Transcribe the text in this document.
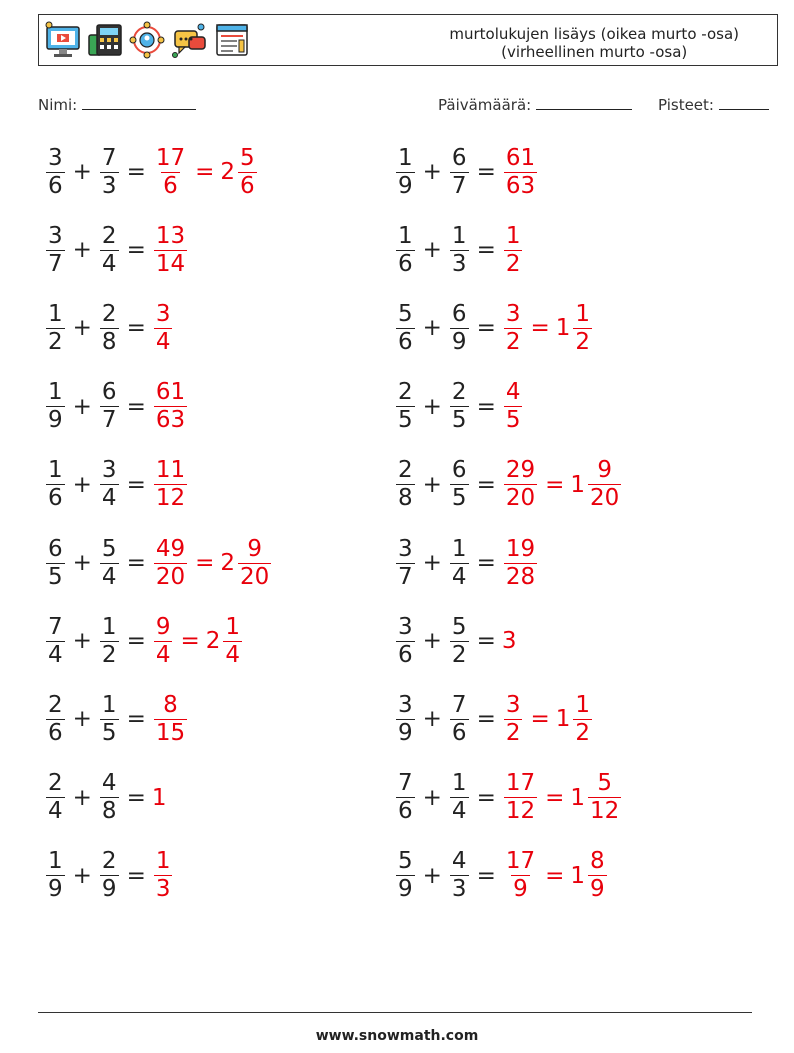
murtolukujen lisäys (oikea murto -osa)
(virheellinen murto -osa)
Nimi:	Päivämäärä:	Pisteet:
$\frac{3}{6} + \frac{7}{3} = \frac{17}{6} = 2 \frac{5}{6}$	$\frac{1}{9} + \frac{6}{7} = \frac{61}{63}$
$\frac{3}{7} + \frac{2}{4} = \frac{13}{14}$	$\frac{1}{6} + \frac{1}{3} = \frac{1}{2}$
$\frac{1}{2} + \frac{2}{8} = \frac{3}{4}$	$\frac{5}{6} + \frac{6}{9} = \frac{3}{2} = 1 \frac{1}{2}$
$\frac{1}{9} + \frac{6}{7} = \frac{61}{63}$	$\frac{2}{5} + \frac{2}{5} = \frac{4}{5}$
$\frac{1}{6} + \frac{3}{4} = \frac{11}{12}$	$\frac{2}{8} + \frac{6}{5} = \frac{29}{20} = 1 \frac{9}{20}$
$\frac{6}{5} + \frac{5}{4} = \frac{49}{20} = 2 \frac{9}{20}$	$\frac{3}{7} + \frac{1}{4} = \frac{19}{28}$
$\frac{7}{4} + \frac{1}{2} = \frac{9}{4} = 2 \frac{1}{4}$	$\frac{3}{6} + \frac{5}{2} = 3$
$\frac{2}{6} + \frac{1}{5} = \frac{8}{15}$	$\frac{3}{9} + \frac{7}{6} = \frac{3}{2} = 1 \frac{1}{2}$
$\frac{2}{4} + \frac{4}{8} = 1$	$\frac{7}{6} + \frac{1}{4} = \frac{17}{12} = 1 \frac{5}{12}$
$\frac{1}{9} + \frac{2}{9} = \frac{1}{3}$	$\frac{5}{9} + \frac{4}{3} = \frac{17}{9} = 1 \frac{8}{9}$
www.snowmath.com
